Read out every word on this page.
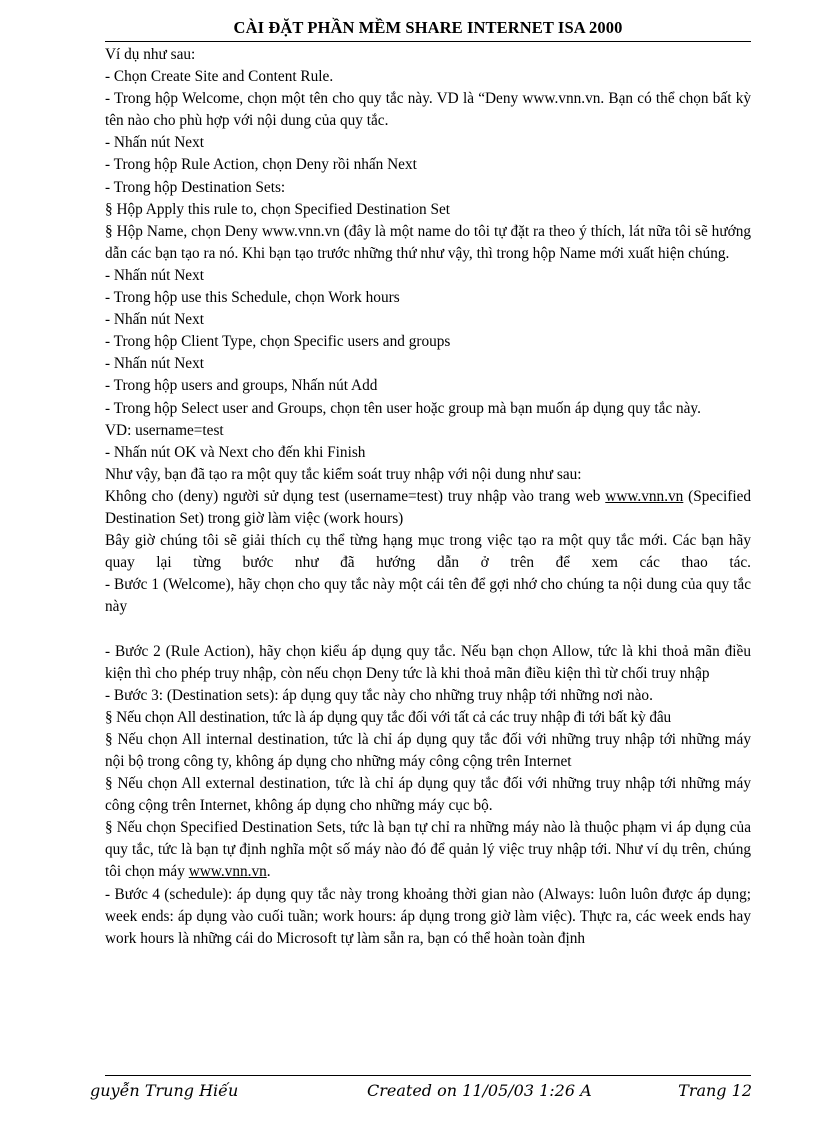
CÀI ĐẶT PHẦN MỀM SHARE INTERNET ISA 2000

Ví dụ như sau:

- Chọn Create Site and Content Rule.

- Trong hộp Welcome, chọn một tên cho quy tắc này. VD là “Deny www.vnn.vn. Bạn có thể chọn bất kỳ tên nào cho phù hợp với nội dung của quy tắc.

- Nhấn nút Next

- Trong hộp Rule Action, chọn Deny rồi nhấn Next

- Trong hộp Destination Sets:

§ Hộp Apply this rule to, chọn Specified Destination Set

§ Hộp Name, chọn Deny www.vnn.vn (đây là một name do tôi tự đặt ra theo ý thích, lát nữa tôi sẽ hướng dẫn các bạn tạo ra nó. Khi bạn tạo trước những thứ như vậy, thì trong hộp Name mới xuất hiện chúng.

- Nhấn nút Next

- Trong hộp use this Schedule, chọn Work hours

- Nhấn nút Next

- Trong hộp Client Type, chọn Specific users and groups

- Nhấn nút Next

- Trong hộp users and groups, Nhấn nút Add

- Trong hộp Select user and Groups, chọn tên user hoặc group mà bạn muốn áp dụng quy tắc này.

VD: username=test

- Nhấn nút OK và Next cho đến khi Finish

Như vậy, bạn đã tạo ra một quy tắc kiểm soát truy nhập với nội dung như sau:

Không cho (deny) người sử dụng test (username=test) truy nhập vào trang web www.vnn.vn (Specified Destination Set) trong giờ làm việc (work hours)

Bây giờ chúng tôi sẽ giải thích cụ thể từng hạng mục trong việc tạo ra một quy tắc mới. Các bạn hãy quay lại từng bước như đã hướng dẫn ở trên để xem các thao tác.

- Bước 1 (Welcome), hãy chọn cho quy tắc này một cái tên để gợi nhớ cho chúng ta nội dung của quy tắc này

- Bước 2 (Rule Action), hãy chọn kiểu áp dụng quy tắc. Nếu bạn chọn Allow, tức là khi thoả mãn điều kiện thì cho phép truy nhập, còn nếu chọn Deny tức là khi thoả mãn điều kiện thì từ chối truy nhập

- Bước 3: (Destination sets): áp dụng quy tắc này cho những truy nhập tới những nơi nào.

§ Nếu chọn All destination, tức là áp dụng quy tắc đối với tất cả các truy nhập đi tới bất kỳ đâu

§ Nếu chọn All internal destination, tức là chỉ áp dụng quy tắc đối với những truy nhập tới những máy nội bộ trong công ty, không áp dụng cho những máy công cộng trên Internet

§ Nếu chọn All external destination, tức là chỉ áp dụng quy tắc đối với những truy nhập tới những máy công cộng trên Internet, không áp dụng cho những máy cục bộ.

§ Nếu chọn Specified Destination Sets, tức là bạn tự chỉ ra những máy nào là thuộc phạm vi áp dụng của quy tắc, tức là bạn tự định nghĩa một số máy nào đó để quản lý việc truy nhập tới. Như ví dụ trên, chúng tôi chọn máy www.vnn.vn.

- Bước 4 (schedule): áp dụng quy tắc này trong khoảng thời gian nào (Always: luôn luôn được áp dụng; week ends: áp dụng vào cuối tuần; work hours: áp dụng trong giờ làm việc). Thực ra, các week ends hay work hours là những cái do Microsoft tự làm sẵn ra, bạn có thể hoàn toàn định

guyễn Trung Hiếu	Created on 11/05/03 1:26 A	Trang 12
